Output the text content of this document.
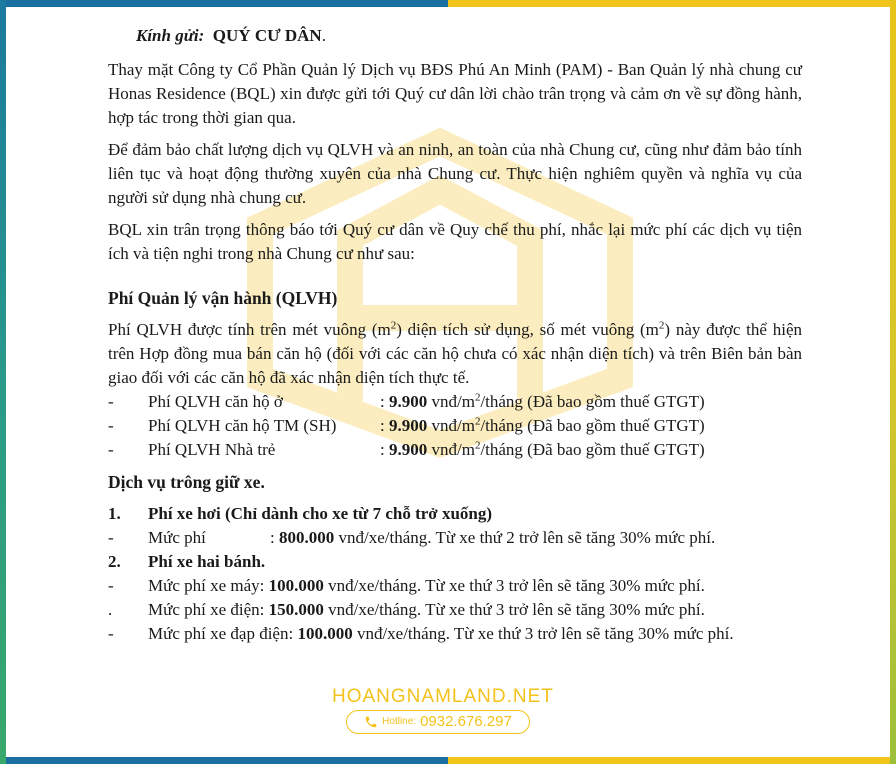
Kính gửi: QUÝ CƯ DÂN.

Thay mặt Công ty Cổ Phần Quản lý Dịch vụ BĐS Phú An Minh (PAM) - Ban Quản lý nhà chung cư Honas Residence (BQL) xin được gửi tới Quý cư dân lời chào trân trọng và cảm ơn về sự đồng hành, hợp tác trong thời gian qua.

Để đảm bảo chất lượng dịch vụ QLVH và an ninh, an toàn của nhà Chung cư, cũng như đảm bảo tính liên tục và hoạt động thường xuyên của nhà Chung cư. Thực hiện nghiêm quyền và nghĩa vụ của người sử dụng nhà chung cư.

BQL xin trân trọng thông báo tới Quý cư dân về Quy chế thu phí, nhắc lại mức phí các dịch vụ tiện ích và tiện nghi trong nhà Chung cư như sau:

Phí Quản lý vận hành (QLVH)

Phí QLVH được tính trên mét vuông $(m^2)$ diện tích sử dụng, số mét vuông $(m^2)$ này được thể hiện trên Hợp đồng mua bán căn hộ (đối với các căn hộ chưa có xác nhận diện tích) và trên Biên bản bàn giao đối với các căn hộ đã xác nhận diện tích thực tế.

-	Phí QLVH căn hộ ở	: 9.900 vnđ/$m^2$/tháng (Đã bao gồm thuế GTGT)
-	Phí QLVH căn hộ TM (SH)	: 9.900 vnđ/$m^2$/tháng (Đã bao gồm thuế GTGT)
-	Phí QLVH Nhà trẻ	: 9.900 vnđ/$m^2$/tháng (Đã bao gồm thuế GTGT)
Dịch vụ trông giữ xe.
1.	Phí xe hơi (Chỉ dành cho xe từ 7 chỗ trở xuống)
-	Mức phí	: 800.000 vnđ/xe/tháng. Từ xe thứ 2 trở lên sẽ tăng 30% mức phí.
2.	Phí xe hai bánh.
-	Mức phí xe máy: 100.000 vnđ/xe/tháng. Từ xe thứ 3 trở lên sẽ tăng 30% mức phí.
.	Mức phí xe điện: 150.000 vnđ/xe/tháng. Từ xe thứ 3 trở lên sẽ tăng 30% mức phí.
-	Mức phí xe đạp điện: 100.000 vnđ/xe/tháng. Từ xe thứ 3 trở lên sẽ tăng 30% mức phí.
HOANGNAMLAND.NET
Hotline: 0932.676.297
